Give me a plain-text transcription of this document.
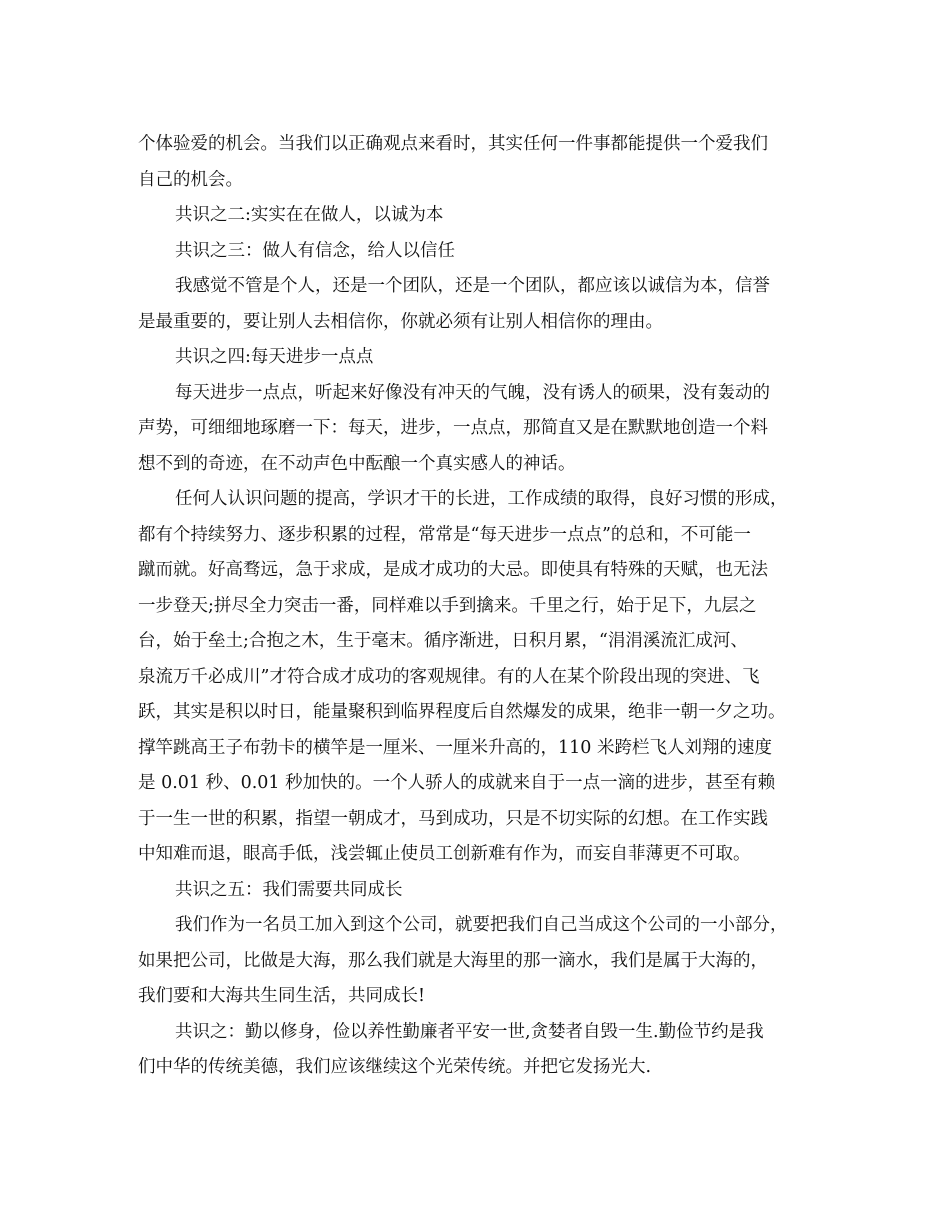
个体验爱的机会。当我们以正确观点来看时，其实任何一件事都能提供一个爱我们
自己的机会。
共识之二:实实在在做人，以诚为本
共识之三：做人有信念，给人以信任
我感觉不管是个人，还是一个团队，还是一个团队，都应该以诚信为本，信誉
是最重要的，要让别人去相信你，你就必须有让别人相信你的理由。
共识之四:每天进步一点点
每天进步一点点，听起来好像没有冲天的气魄，没有诱人的硕果，没有轰动的
声势，可细细地琢磨一下：每天，进步，一点点，那简直又是在默默地创造一个料
想不到的奇迹，在不动声色中酝酿一个真实感人的神话。
任何人认识问题的提高，学识才干的长进，工作成绩的取得，良好习惯的形成，
都有个持续努力、逐步积累的过程，常常是“每天进步一点点”的总和，不可能一
蹴而就。好高骛远，急于求成，是成才成功的大忌。即使具有特殊的天赋，也无法
一步登天;拼尽全力突击一番，同样难以手到擒来。千里之行，始于足下，九层之
台，始于垒土;合抱之木，生于毫末。循序渐进，日积月累，“涓涓溪流汇成河、
泉流万千必成川”才符合成才成功的客观规律。有的人在某个阶段出现的突进、飞
跃，其实是积以时日，能量聚积到临界程度后自然爆发的成果，绝非一朝一夕之功。
撑竿跳高王子布勃卡的横竿是一厘米、一厘米升高的，110 米跨栏飞人刘翔的速度
是 0.01 秒、0.01 秒加快的。一个人骄人的成就来自于一点一滴的进步，甚至有赖
于一生一世的积累，指望一朝成才，马到成功，只是不切实际的幻想。在工作实践
中知难而退，眼高手低，浅尝辄止使员工创新难有作为，而妄自菲薄更不可取。
共识之五：我们需要共同成长
我们作为一名员工加入到这个公司，就要把我们自己当成这个公司的一小部分，
如果把公司，比做是大海，那么我们就是大海里的那一滴水，我们是属于大海的，
我们要和大海共生同生活，共同成长!
共识之：勤以修身，俭以养性勤廉者平安一世,贪婪者自毁一生.勤俭节约是我
们中华的传统美德，我们应该继续这个光荣传统。并把它发扬光大.
